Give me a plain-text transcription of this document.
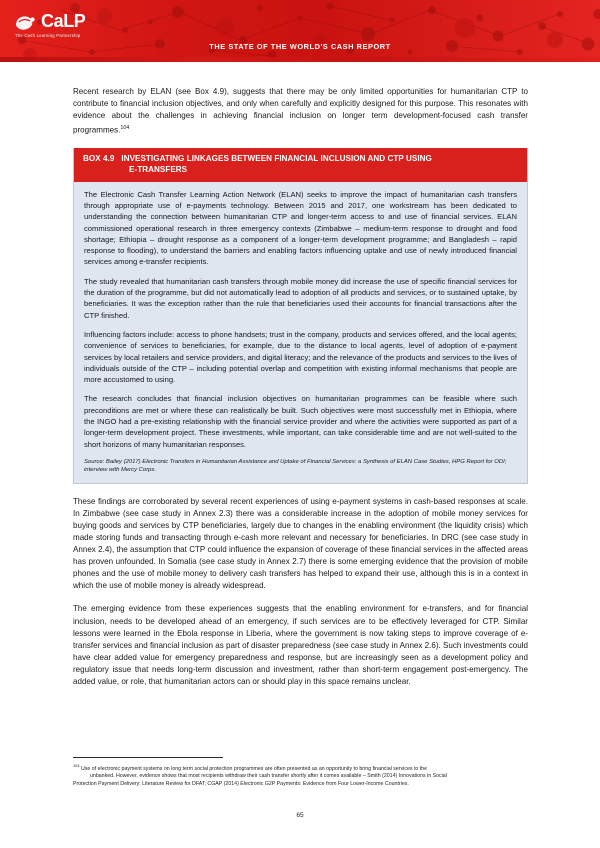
CaLP
The Cash Learning Partnership
THE STATE OF THE WORLD'S CASH REPORT

Recent research by ELAN (see Box 4.9), suggests that there may be only limited opportunities for humanitarian CTP to contribute to financial inclusion objectives, and only when carefully and explicitly designed for this purpose. This resonates with evidence about the challenges in achieving financial inclusion on longer term development-focused cash transfer programmes.$^{104}$

BOX 4.9 INVESTIGATING LINKAGES BETWEEN FINANCIAL INCLUSION AND CTP USING
E-TRANSFERS

The Electronic Cash Transfer Learning Action Network (ELAN) seeks to improve the impact of humanitarian cash transfers through appropriate use of e-payments technology. Between 2015 and 2017, one workstream has been dedicated to understanding the connection between humanitarian CTP and longer-term access to and use of financial services. ELAN commissioned operational research in three emergency contexts (Zimbabwe – medium-term response to drought and food shortage; Ethiopia – drought response as a component of a longer-term development programme; and Bangladesh – rapid response to flooding), to understand the barriers and enabling factors influencing uptake and use of newly introduced financial services among e-transfer recipients.

The study revealed that humanitarian cash transfers through mobile money did increase the use of specific financial services for the duration of the programme, but did not automatically lead to adoption of all products and services, or to sustained uptake, by beneficiaries. It was the exception rather than the rule that beneficiaries used their accounts for financial transactions after the CTP finished.

Influencing factors include: access to phone handsets; trust in the company, products and services offered, and the local agents; convenience of services to beneficiaries, for example, due to the distance to local agents, level of adoption of e-payment services by local retailers and service providers, and digital literacy; and the relevance of the products and services to the lives of individuals outside of the CTP – including potential overlap and competition with existing informal mechanisms that people are more accustomed to using.

The research concludes that financial inclusion objectives on humanitarian programmes can be feasible where such preconditions are met or where these can realistically be built. Such objectives were most successfully met in Ethiopia, where the INGO had a pre-existing relationship with the financial service provider and where the activities were supported as part of a longer-term development project. These investments, while important, can take considerable time and are not well-suited to the short horizons of many humanitarian responses.

Source: Bailey (2017) Electronic Transfers in Humanitarian Assistance and Uptake of Financial Services: a Synthesis of ELAN Case Studies, HPG Report for ODI; interview with Mercy Corps.

These findings are corroborated by several recent experiences of using e-payment systems in cash-based responses at scale. In Zimbabwe (see case study in Annex 2.3) there was a considerable increase in the adoption of mobile money services for buying goods and services by CTP beneficiaries, largely due to changes in the enabling environment (the liquidity crisis) which made storing funds and transacting through e-cash more relevant and necessary for beneficiaries. In DRC (see case study in Annex 2.4), the assumption that CTP could influence the expansion of coverage of these financial services in the affected areas has proven unfounded. In Somalia (see case study in Annex 2.7) there is some emerging evidence that the provision of mobile phones and the use of mobile money to delivery cash transfers has helped to expand their use, although this is in a context in which the use of mobile money is already widespread.

The emerging evidence from these experiences suggests that the enabling environment for e-transfers, and for financial inclusion, needs to be developed ahead of an emergency, if such services are to be effectively leveraged for CTP. Similar lessons were learned in the Ebola response in Liberia, where the government is now taking steps to improve coverage of e-transfer services and financial inclusion as part of disaster preparedness (see case study in Annex 2.6). Such investments could have clear added value for emergency preparedness and response, but are increasingly seen as a development policy and regulatory issue that needs long-term discussion and investment, rather than short-term engagement post-emergency. The added value, or role, that humanitarian actors can or should play in this space remains unclear.

$^{104}$Use of electronic payment systems on long term social protection programmes are often presented as an opportunity to bring financial services to the
unbanked. However, evidence shows that most recipients withdraw their cash transfer shortly after it comes available – Smith (2014) Innovations in Social
Protection Payment Delivery: Literature Review for DFAT; CGAP (2014) Electronic G2P Payments: Evidence from Four Lower-Income Countries.

65
